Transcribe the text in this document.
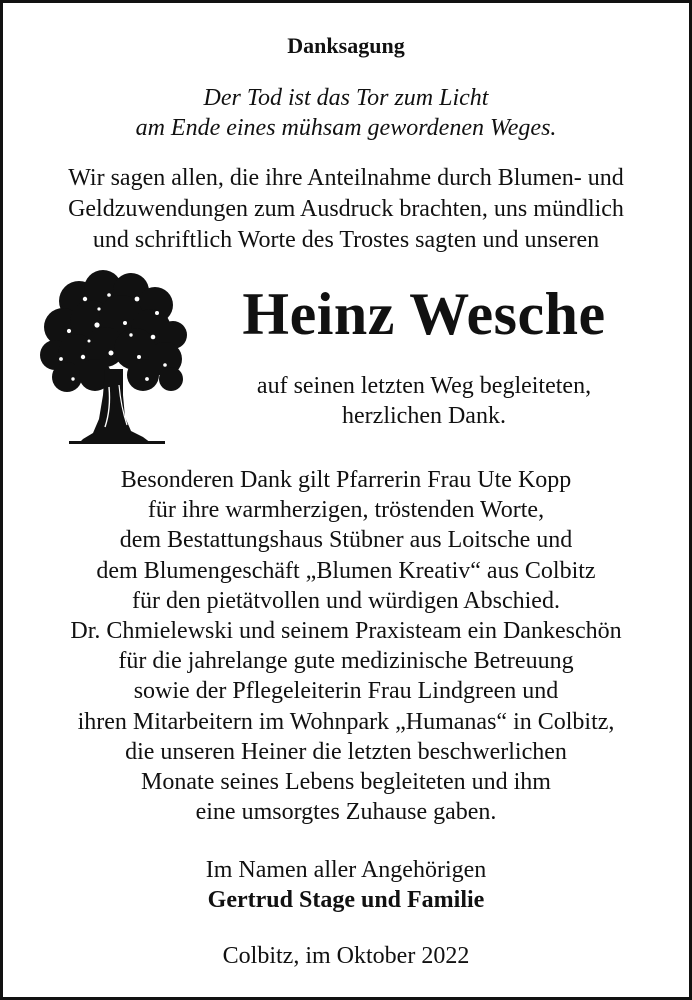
Danksagung
Der Tod ist das Tor zum Licht
am Ende eines mühsam gewordenen Weges.
Wir sagen allen, die ihre Anteilnahme durch Blumen- und
Geldzuwendungen zum Ausdruck brachten, uns mündlich
und schriftlich Worte des Trostes sagten und unseren
Heinz Wesche
auf seinen letzten Weg begleiteten,
herzlichen Dank.
Besonderen Dank gilt Pfarrerin Frau Ute Kopp
für ihre warmherzigen, tröstenden Worte,
dem Bestattungshaus Stübner aus Loitsche und
dem Blumengeschäft „Blumen Kreativ“ aus Colbitz
für den pietätvollen und würdigen Abschied.
Dr. Chmielewski und seinem Praxisteam ein Dankeschön
für die jahrelange gute medizinische Betreuung
sowie der Pflegeleiterin Frau Lindgreen und
ihren Mitarbeitern im Wohnpark „Humanas“ in Colbitz,
die unseren Heiner die letzten beschwerlichen
Monate seines Lebens begleiteten und ihm
eine umsorgtes Zuhause gaben.
Im Namen aller Angehörigen
Gertrud Stage und Familie
Colbitz, im Oktober 2022
